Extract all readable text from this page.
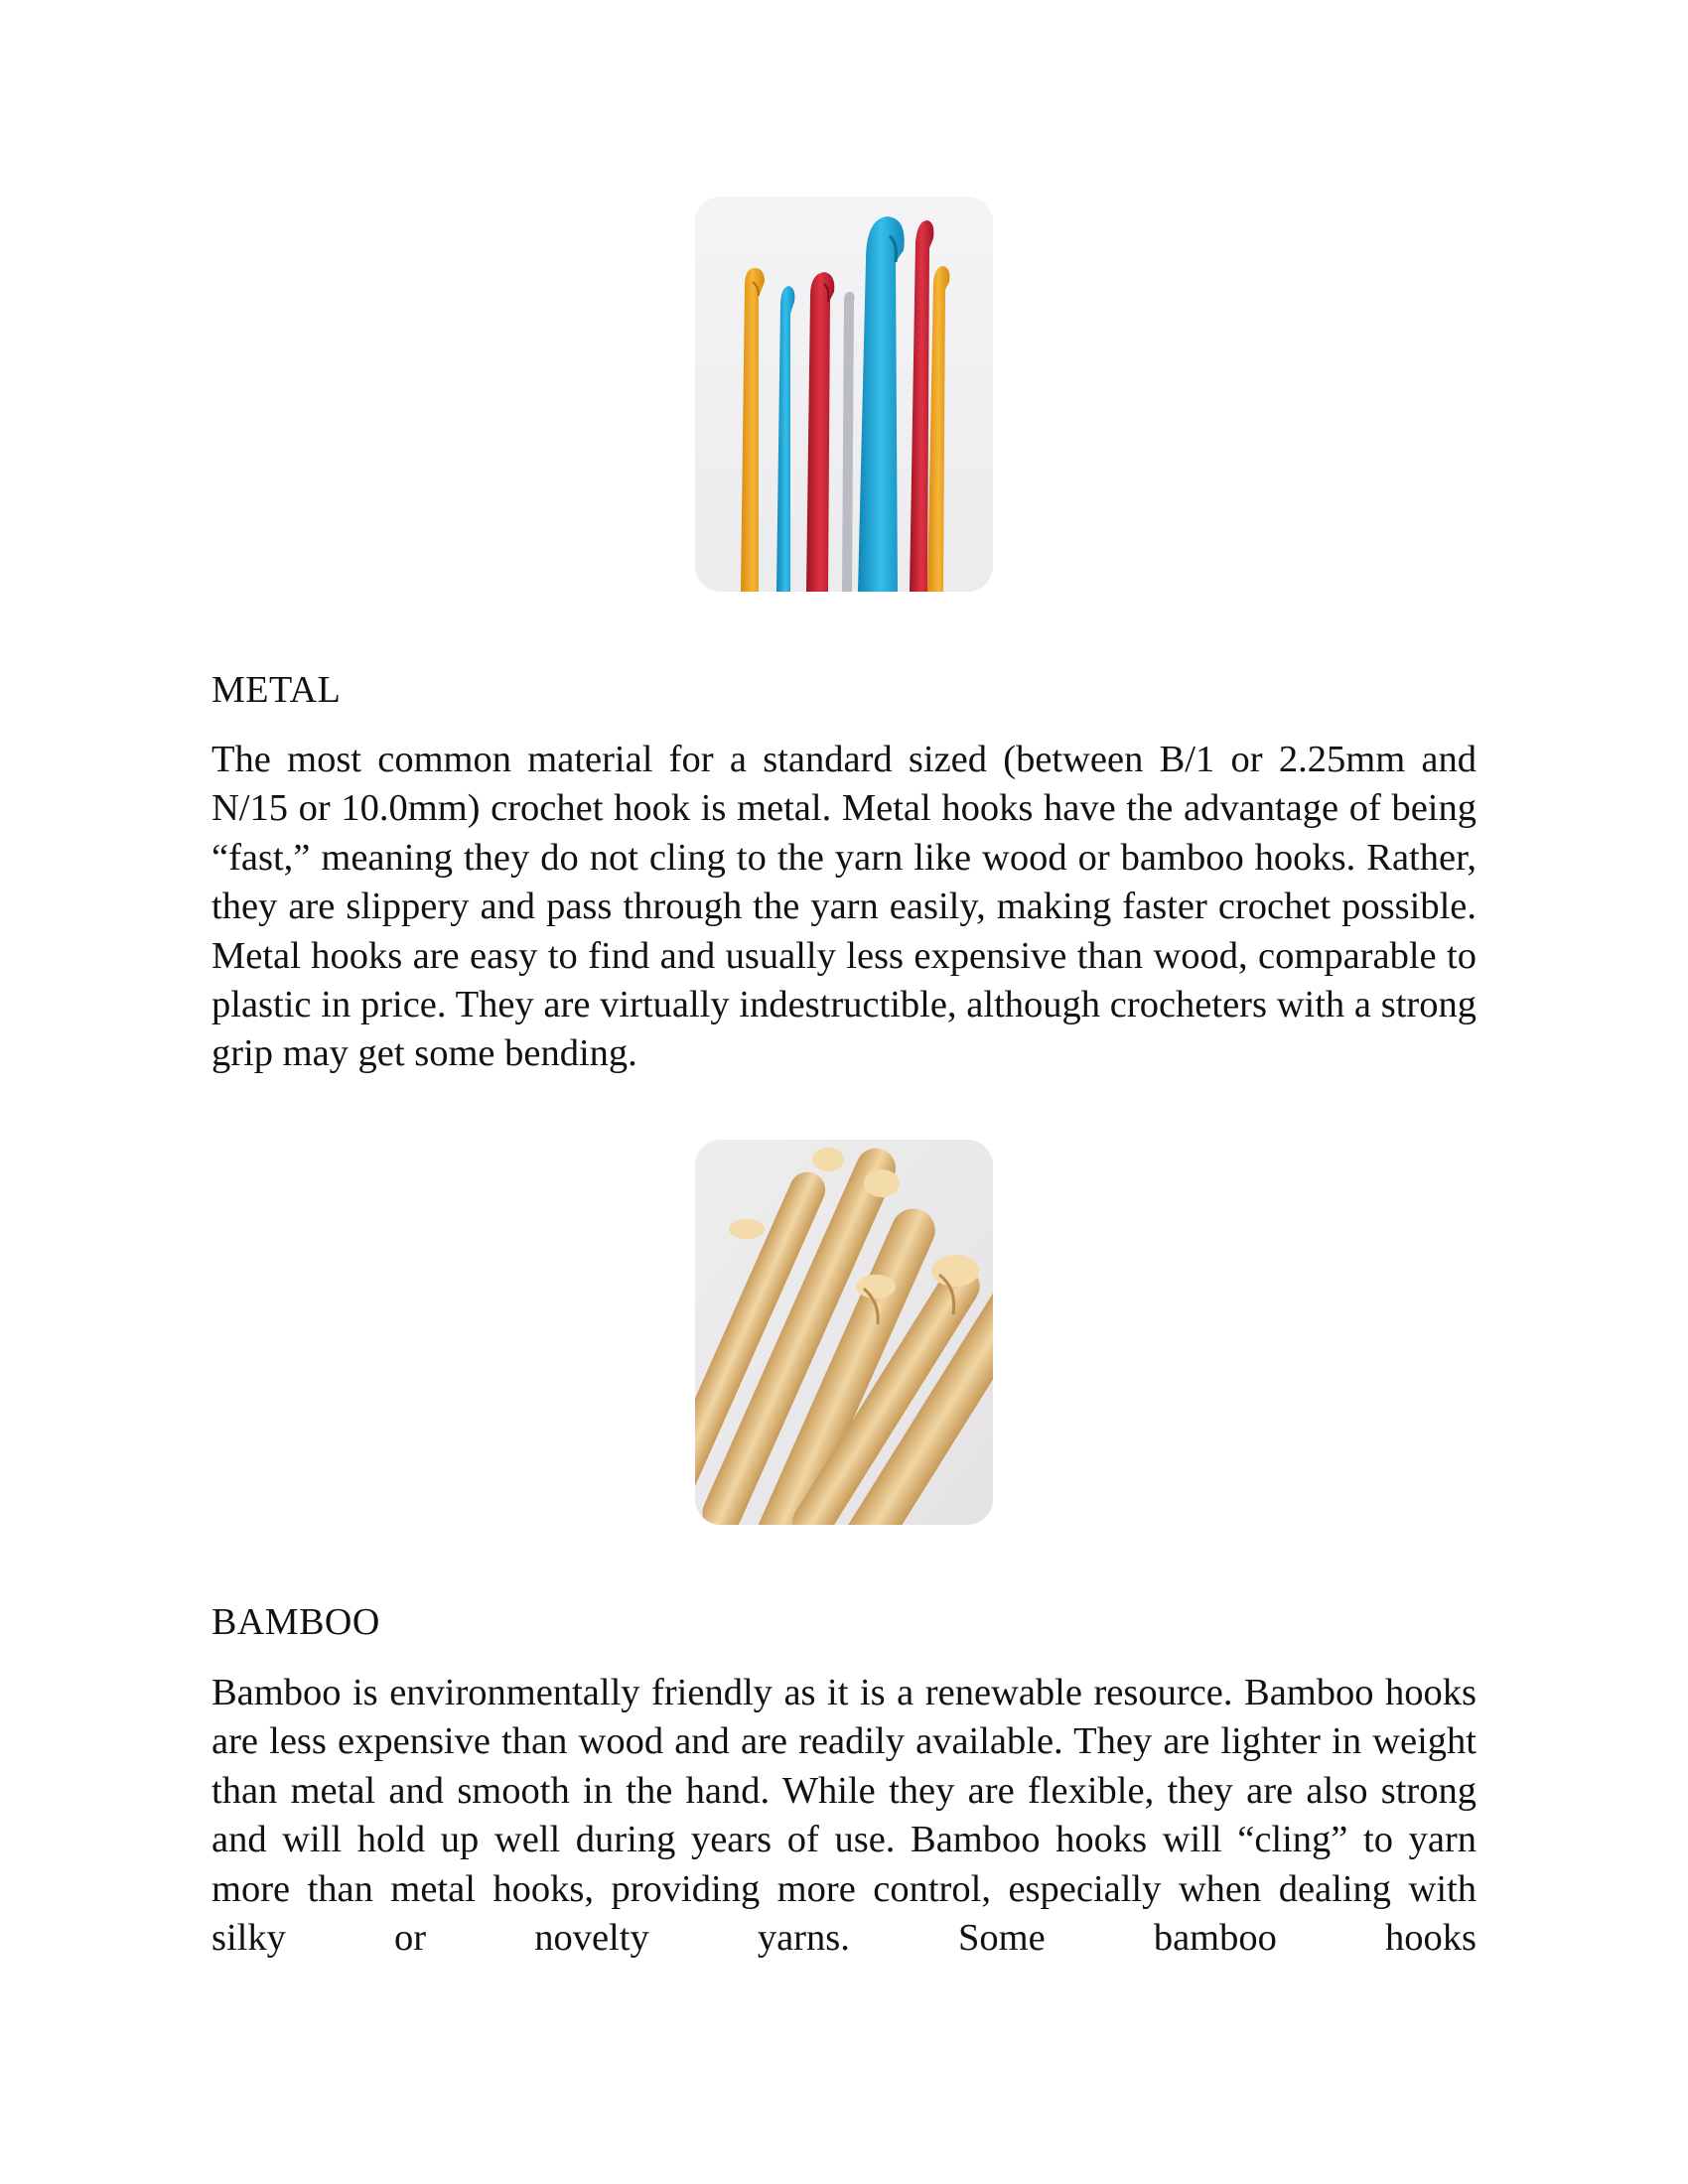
METAL

The most common material for a standard sized (between B/1 or 2.25mm and N/15 or 10.0mm) crochet hook is metal. Metal hooks have the advantage of being “fast,” meaning they do not cling to the yarn like wood or bamboo hooks. Rather, they are slippery and pass through the yarn easily, making faster crochet possible. Metal hooks are easy to find and usually less expensive than wood, comparable to plastic in price. They are virtually indestructible, although crocheters with a strong grip may get some bending.

BAMBOO

Bamboo is environmentally friendly as it is a renewable resource. Bamboo hooks are less expensive than wood and are readily available. They are lighter in weight than metal and smooth in the hand. While they are flexible, they are also strong and will hold up well during years of use. Bamboo hooks will “cling” to yarn more than metal hooks, providing more control, especially when dealing with silky or novelty yarns. Some bamboo hooks
